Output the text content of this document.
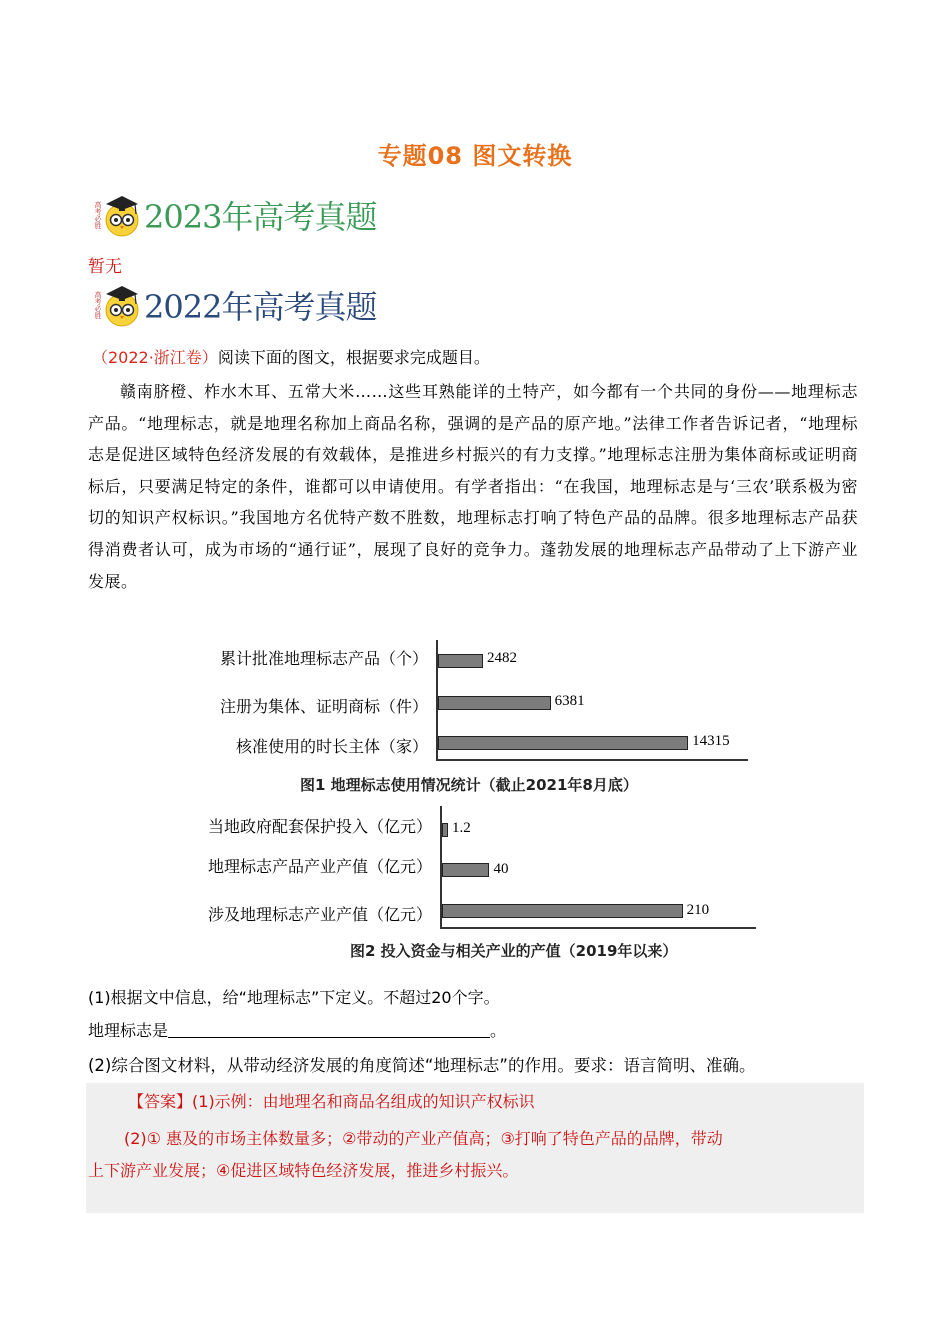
专题08 图文转换
高考必胜 2023年高考真题
暂无
高考必胜 2022年高考真题
（2022·浙江卷）阅读下面的图文，根据要求完成题目。
赣南脐橙、柞水木耳、五常大米……这些耳熟能详的土特产，如今都有一个共同的身份——地理标志产品。“地理标志，就是地理名称加上商品名称，强调的是产品的原产地。”法律工作者告诉记者，“地理标志是促进区域特色经济发展的有效载体，是推进乡村振兴的有力支撑。”地理标志注册为集体商标或证明商标后，只要满足特定的条件，谁都可以申请使用。有学者指出：“在我国，地理标志是与‘三农’联系极为密切的知识产权标识。”我国地方名优特产数不胜数，地理标志打响了特色产品的品牌。很多地理标志产品获得消费者认可，成为市场的“通行证”，展现了良好的竞争力。蓬勃发展的地理标志产品带动了上下游产业发展。
累计批准地理标志产品（个）	2482
注册为集体、证明商标（件）	6381
核准使用的时长主体（家）	14315
图1 地理标志使用情况统计（截止2021年8月底）
当地政府配套保护投入（亿元） 1.2
地理标志产品产业产值（亿元）	40
涉及地理标志产业产值（亿元）	210
图2 投入资金与相关产业的产值（2019年以来）
(1)根据文中信息，给“地理标志”下定义。不超过20个字。
地理标志是	。
(2)综合图文材料，从带动经济发展的角度简述“地理标志”的作用。要求：语言简明、准确。
【答案】(1)示例：由地理名和商品名组成的知识产权标识
(2)① 惠及的市场主体数量多；②带动的产业产值高；③打响了特色产品的品牌，带动
上下游产业发展；④促进区域特色经济发展，推进乡村振兴。
